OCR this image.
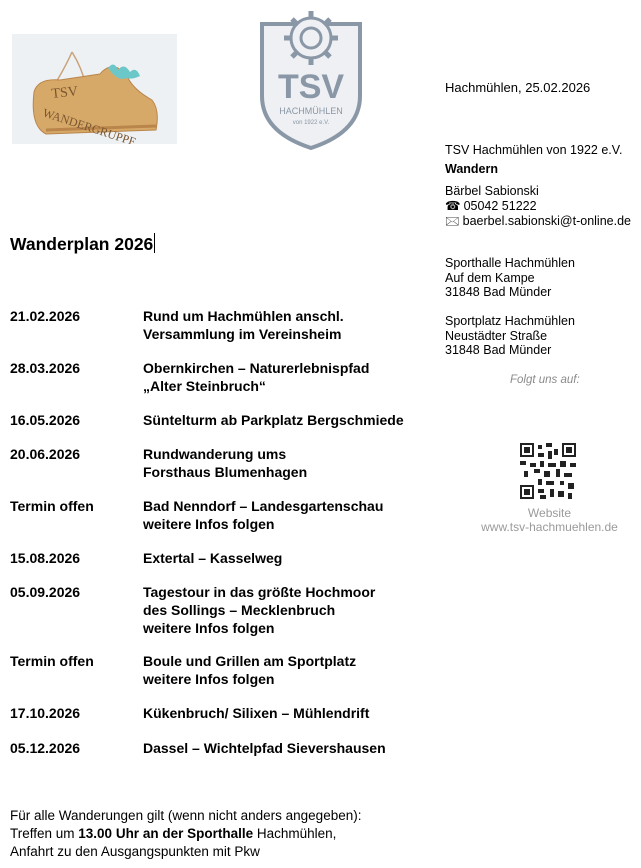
TSV
WANDERGRUPPE
TSV
HACHMÜHLEN
von 1922 e.V.
Hachmühlen, 25.02.2026
TSV Hachmühlen von 1922 e.V.
Wandern
Bärbel Sabionski
☎ 05042 51222
🖂 baerbel.sabionski@t-online.de
Sporthalle Hachmühlen
Auf dem Kampe
31848 Bad Münder
Sportplatz Hachmühlen
Neustädter Straße
31848 Bad Münder
Folgt uns auf:
Website
www.tsv-hachmuehlen.de
Wanderplan 2026
21.02.2026	Rund um Hachmühlen anschl.
Versammlung im Vereinsheim
28.03.2026	Obernkirchen – Naturerlebnispfad
„Alter Steinbruch“
16.05.2026	Süntelturm ab Parkplatz Bergschmiede
20.06.2026	Rundwanderung ums
Forsthaus Blumenhagen
Termin offen	Bad Nenndorf – Landesgartenschau
weitere Infos folgen
15.08.2026	Extertal – Kasselweg
05.09.2026	Tagestour in das größte Hochmoor
des Sollings – Mecklenbruch
weitere Infos folgen
Termin offen	Boule und Grillen am Sportplatz
weitere Infos folgen
17.10.2026	Kükenbruch/ Silixen – Mühlendrift
05.12.2026	Dassel – Wichtelpfad Sievershausen
Für alle Wanderungen gilt (wenn nicht anders angegeben):
Treffen um 13.00 Uhr an der Sporthalle Hachmühlen,
Anfahrt zu den Ausgangspunkten mit Pkw
